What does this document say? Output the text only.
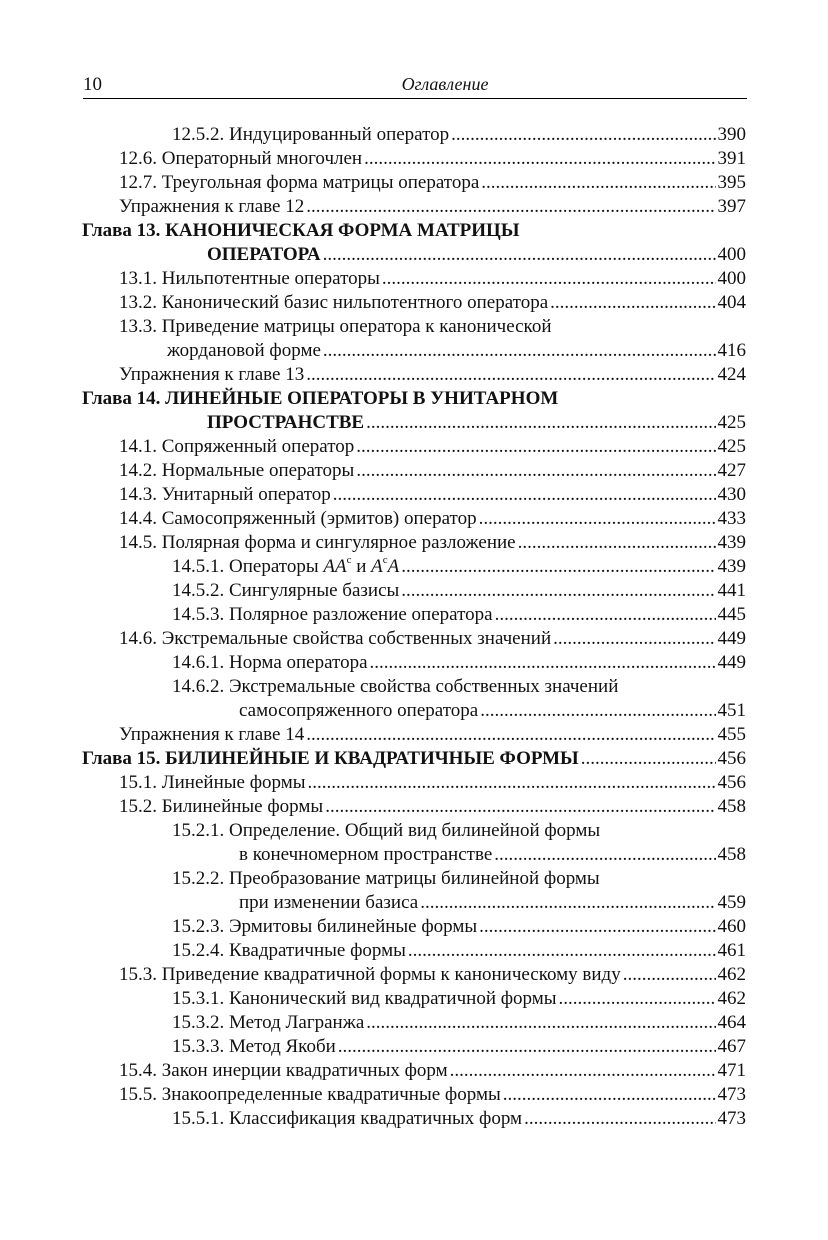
10	Оглавление
12.5.2. Индуцированный оператор .....	390
12.6. Операторный многочлен .....	391
12.7. Треугольная форма матрицы оператора .....	395
Упражнения к главе 12 .....	397
Глава 13. КАНОНИЧЕСКАЯ ФОРМА МАТРИЦЫ
ОПЕРАТОРА .....	400
13.1. Нильпотентные операторы .....	400
13.2. Канонический базис нильпотентного оператора .....	404
13.3. Приведение матрицы оператора к канонической
жордановой форме .....	416
Упражнения к главе 13 .....	424
Глава 14. ЛИНЕЙНЫЕ ОПЕРАТОРЫ В УНИТАРНОМ
ПРОСТРАНСТВЕ .....	425
14.1. Сопряженный оператор .....	425
14.2. Нормальные операторы .....	427
14.3. Унитарный оператор .....	430
14.4. Самосопряженный (эрмитов) оператор .....	433
14.5. Полярная форма и сингулярное разложение .....	439
14.5.1. Операторы $AA^c$ и $A^cA$ .....	439
14.5.2. Сингулярные базисы .....	441
14.5.3. Полярное разложение оператора .....	445
14.6. Экстремальные свойства собственных значений .....	449
14.6.1. Норма оператора .....	449
14.6.2. Экстремальные свойства собственных значений
самосопряженного оператора .....	451
Упражнения к главе 14 .....	455
Глава 15. БИЛИНЕЙНЫЕ И КВАДРАТИЧНЫЕ ФОРМЫ .....	456
15.1. Линейные формы .....	456
15.2. Билинейные формы .....	458
15.2.1. Определение. Общий вид билинейной формы
в конечномерном пространстве .....	458
15.2.2. Преобразование матрицы билинейной формы
при изменении базиса .....	459
15.2.3. Эрмитовы билинейные формы .....	460
15.2.4. Квадратичные формы .....	461
15.3. Приведение квадратичной формы к каноническому виду .....	462
15.3.1. Канонический вид квадратичной формы .....	462
15.3.2. Метод Лагранжа .....	464
15.3.3. Метод Якоби .....	467
15.4. Закон инерции квадратичных форм .....	471
15.5. Знакоопределенные квадратичные формы .....	473
15.5.1. Классификация квадратичных форм .....	473
